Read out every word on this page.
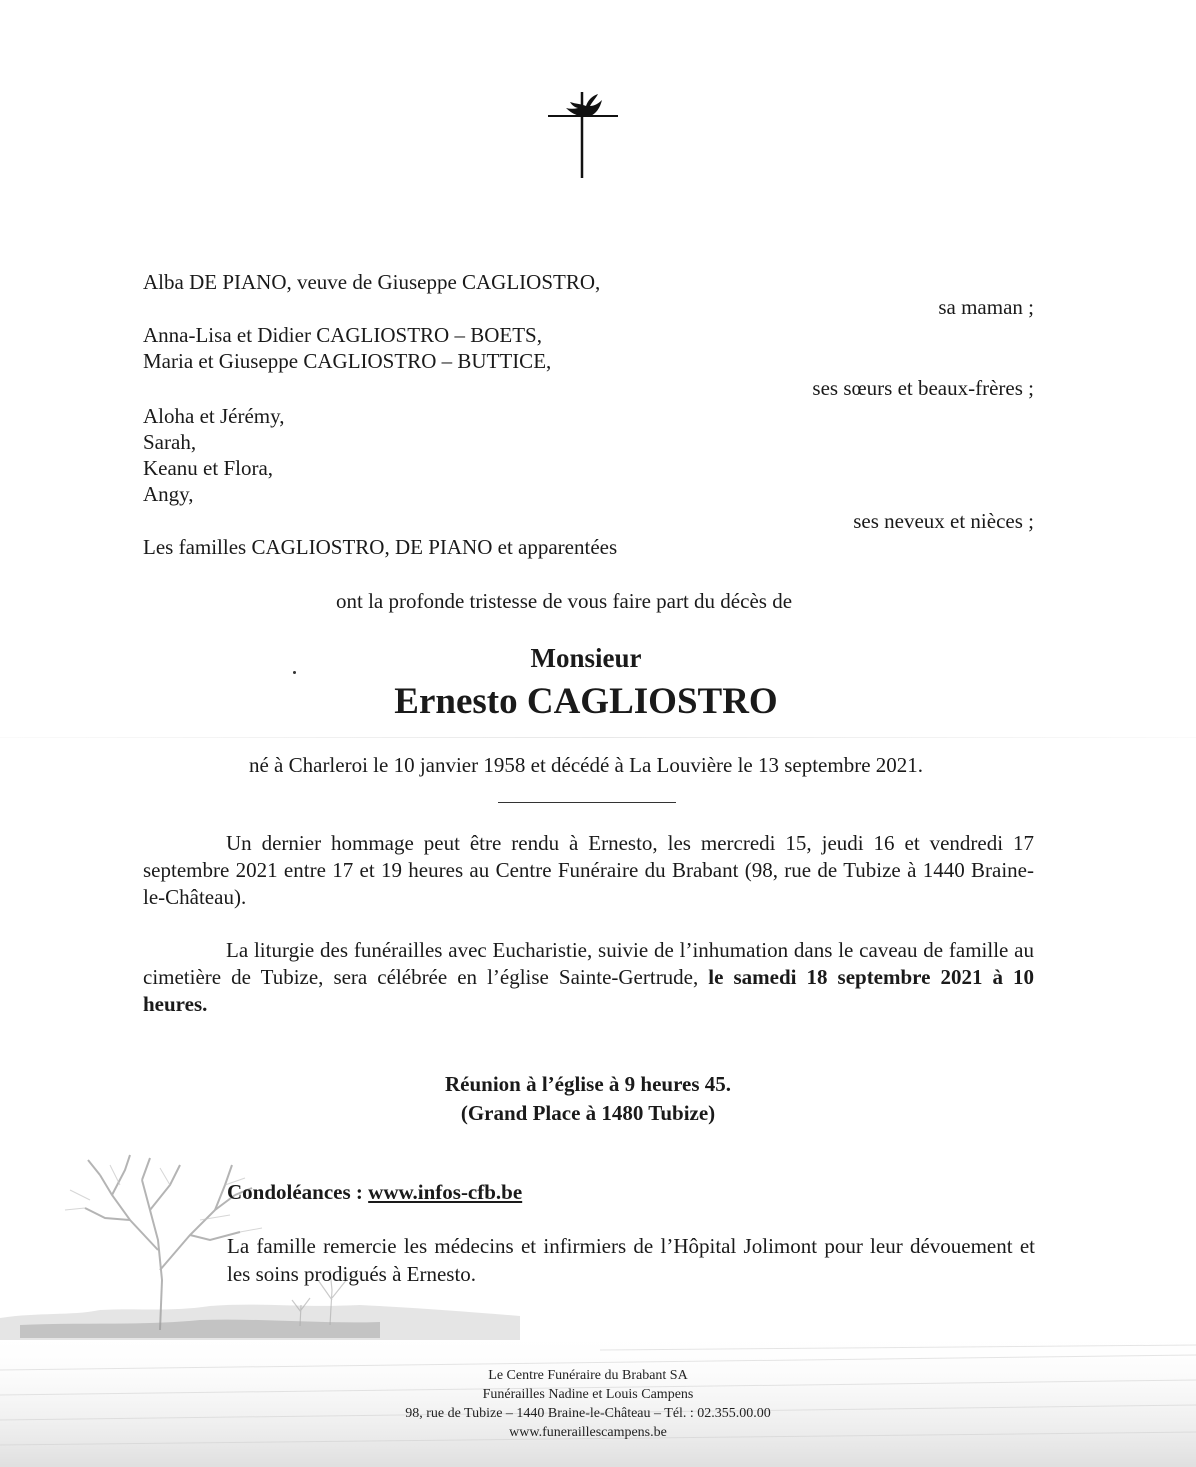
Alba DE PIANO, veuve de Giuseppe CAGLIOSTRO,
sa maman ;
Anna-Lisa et Didier CAGLIOSTRO – BOETS,
Maria et Giuseppe CAGLIOSTRO – BUTTICE,
ses sœurs et beaux-frères ;
Aloha et Jérémy,
Sarah,
Keanu et Flora,
Angy,
ses neveux et nièces ;
Les familles CAGLIOSTRO, DE PIANO et apparentées
ont la profonde tristesse de vous faire part du décès de
Monsieur
Ernesto CAGLIOSTRO
né à Charleroi le 10 janvier 1958 et décédé à La Louvière le 13 septembre 2021.
Un dernier hommage peut être rendu à Ernesto, les mercredi 15, jeudi 16 et vendredi 17 septembre 2021 entre 17 et 19 heures au Centre Funéraire du Brabant (98, rue de Tubize à 1440 Braine-le-Château).
La liturgie des funérailles avec Eucharistie, suivie de l’inhumation dans le caveau de famille au cimetière de Tubize, sera célébrée en l’église Sainte-Gertrude, le samedi 18 septembre 2021 à 10 heures.
Réunion à l’église à 9 heures 45.
(Grand Place à 1480 Tubize)
Condoléances : www.infos-cfb.be
La famille remercie les médecins et infirmiers de l’Hôpital Jolimont pour leur dévouement et les soins prodigués à Ernesto.
Le Centre Funéraire du Brabant SA
Funérailles Nadine et Louis Campens
98, rue de Tubize – 1440 Braine-le-Château – Tél. : 02.355.00.00
www.funeraillescampens.be
